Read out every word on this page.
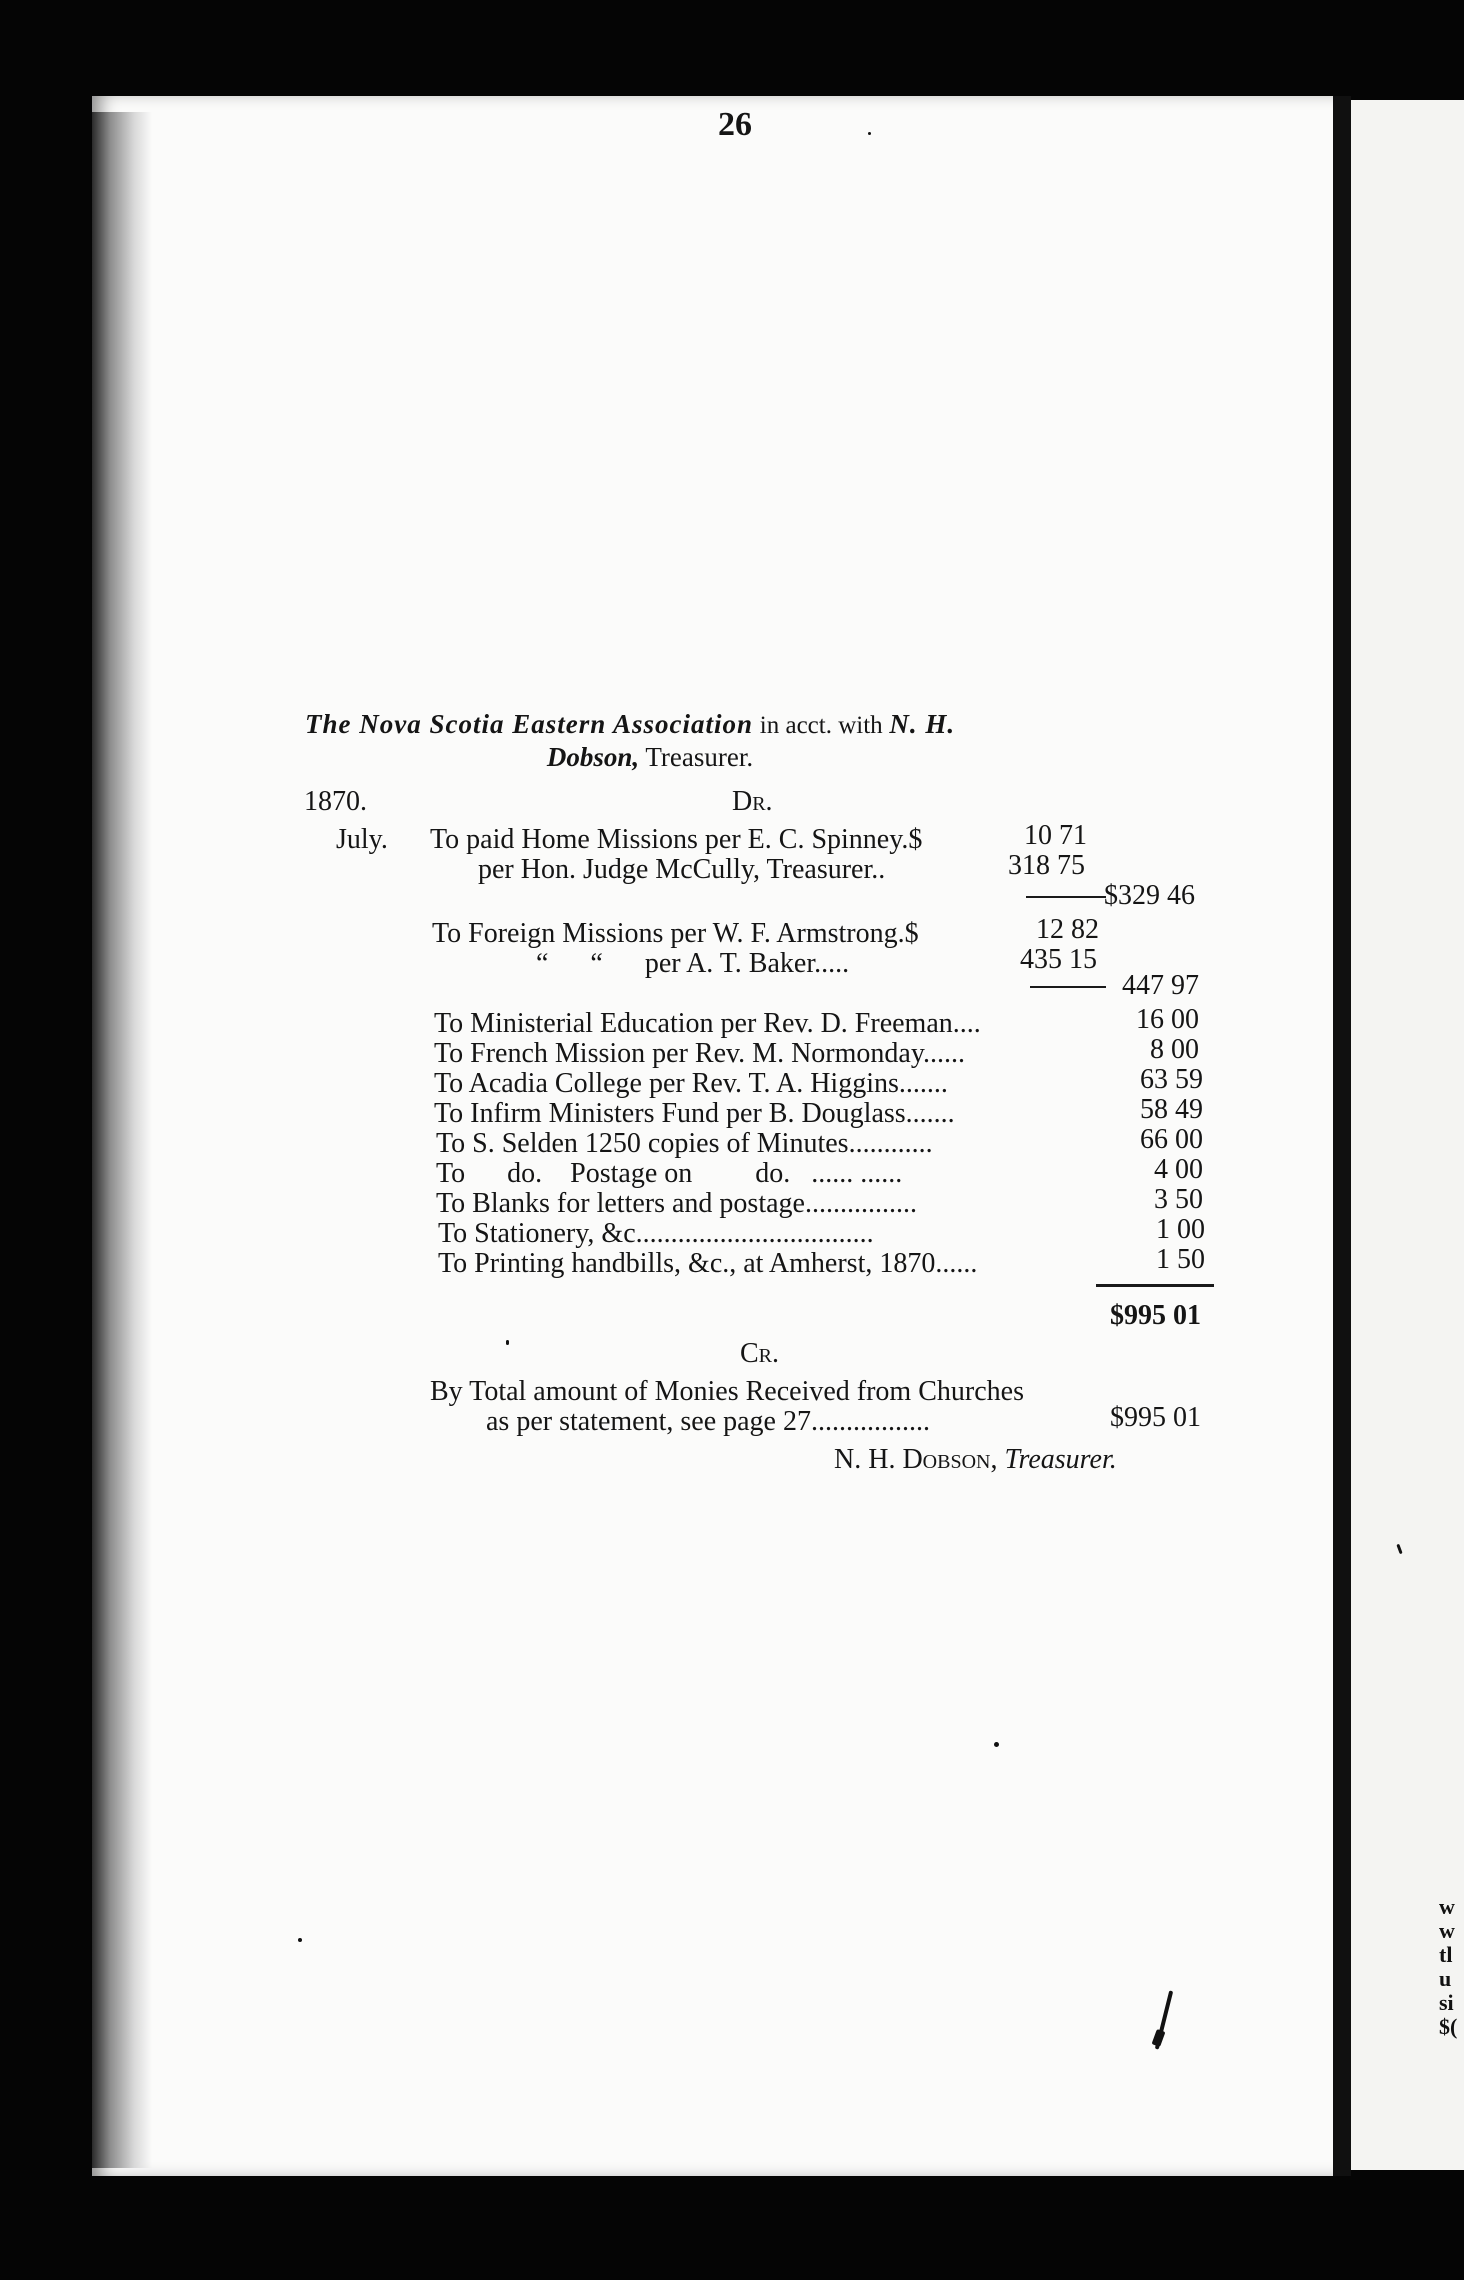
w
w
tl
u
si
$(
26
The Nova Scotia Eastern Association in acct. with N. H.
Dobson, Treasurer.
1870.	Dr.
July. To paid Home Missions per E. C. Spinney.$	10 71
per Hon. Judge McCully, Treasurer..	318 75
$329 46
To Foreign Missions per W. F. Armstrong.$	12 82
“      “      per A. T. Baker.....	435 15
447 97
To Ministerial Education per Rev. D. Freeman....	16 00
To French Mission per Rev. M. Normonday......	8 00
To Acadia College per Rev. T. A. Higgins.......	63 59
To Infirm Ministers Fund per B. Douglass.......	58 49
To S. Selden 1250 copies of Minutes............	66 00
To      do.    Postage on         do.   ...... ......	4 00
To Blanks for letters and postage................	3 50
To Stationery, &c..................................	1 00
To Printing handbills, &c., at Amherst, 1870......	1 50
$995 01
Cr.
By Total amount of Monies Received from Churches
as per statement, see page 27.................	$995 01
N. H. Dobson, Treasurer.
